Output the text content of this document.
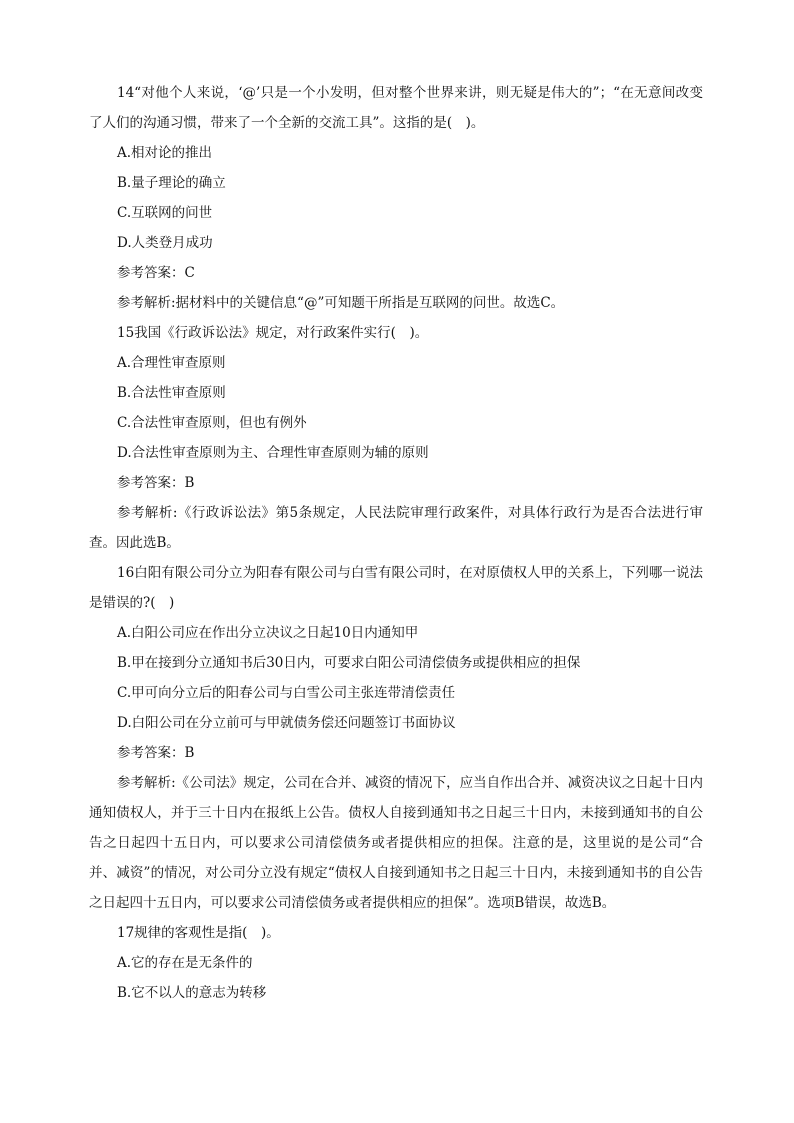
14“对他个人来说，‘@’只是一个小发明，但对整个世界来讲，则无疑是伟大的”；“在无意间改变了人们的沟通习惯，带来了一个全新的交流工具”。这指的是(　)。

A.相对论的推出

B.量子理论的确立

C.互联网的问世

D.人类登月成功

参考答案：C

参考解析:据材料中的关键信息“@”可知题干所指是互联网的问世。故选C。

15我国《行政诉讼法》规定，对行政案件实行(　)。

A.合理性审查原则

B.合法性审查原则

C.合法性审查原则，但也有例外

D.合法性审查原则为主、合理性审查原则为辅的原则

参考答案：B

参考解析:《行政诉讼法》第5条规定，人民法院审理行政案件，对具体行政行为是否合法进行审查。因此选B。

16白阳有限公司分立为阳春有限公司与白雪有限公司时，在对原债权人甲的关系上，下列哪一说法是错误的?(　)

A.白阳公司应在作出分立决议之日起10日内通知甲

B.甲在接到分立通知书后30日内，可要求白阳公司清偿债务或提供相应的担保

C.甲可向分立后的阳春公司与白雪公司主张连带清偿责任

D.白阳公司在分立前可与甲就债务偿还问题签订书面协议

参考答案：B

参考解析:《公司法》规定，公司在合并、减资的情况下，应当自作出合并、减资决议之日起十日内通知债权人，并于三十日内在报纸上公告。债权人自接到通知书之日起三十日内，未接到通知书的自公告之日起四十五日内，可以要求公司清偿债务或者提供相应的担保。注意的是，这里说的是公司“合并、减资”的情况，对公司分立没有规定“债权人自接到通知书之日起三十日内，未接到通知书的自公告之日起四十五日内，可以要求公司清偿债务或者提供相应的担保”。选项B错误，故选B。

17规律的客观性是指(　)。

A.它的存在是无条件的

B.它不以人的意志为转移
